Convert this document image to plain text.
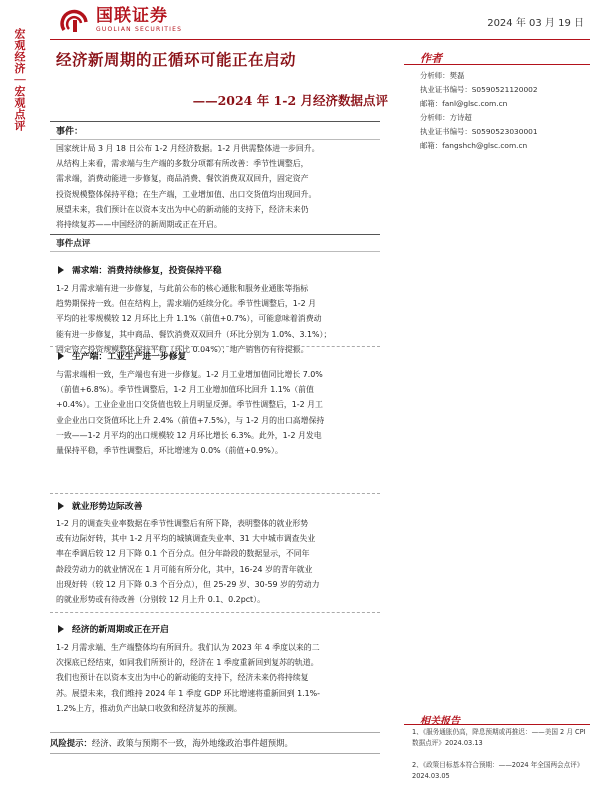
宏观经济｜宏观点评
国联证券
GUOLIAN SECURITIES	2024 年 03 月 19 日
经济新周期的正循环可能正在启动
——2024 年 1-2 月经济数据点评
事件：
国家统计局 3 月 18 日公布 1-2 月经济数据。1-2 月供需整体进一步回升。
从结构上来看，需求端与生产端的多数分项都有所改善：季节性调整后，
需求端，消费动能进一步修复，商品消费、餐饮消费双双回升，固定资产
投资规模整体保持平稳；在生产端，工业增加值、出口交货值均出现回升。
展望未来，我们预计在以资本支出为中心的新动能的支持下，经济未来仍
将持续复苏——中国经济的新周期或正在开启。
事件点评
需求端：消费持续修复，投资保持平稳
1-2 月需求端有进一步修复，与此前公布的核心通胀和服务业通胀等指标
趋势期保持一致。但在结构上，需求端仍延续分化。季节性调整后，1-2 月
平均的社零规模较 12 月环比上升 1.1%（前值+0.7%），可能意味着消费动
能有进一步修复，其中商品、餐饮消费双双回升（环比分别为 1.0%、3.1%）；
固定资产投资规模整体保持平稳（环比 0.04%）；地产销售仍有待提振。
生产端：工业生产进一步修复
与需求端相一致，生产端也有进一步修复。1-2 月工业增加值同比增长 7.0%
（前值+6.8%）。季节性调整后，1-2 月工业增加值环比回升 1.1%（前值
+0.4%）。工业企业出口交货值也较上月明显反弹。季节性调整后，1-2 月工
业企业出口交货值环比上升 2.4%（前值+7.5%），与 1-2 月的出口高增保持
一致——1-2 月平均的出口规模较 12 月环比增长 6.3%。此外，1-2 月发电
量保持平稳，季节性调整后，环比增速为 0.0%（前值+0.9%）。
就业形势边际改善
1-2 月的调查失业率数据在季节性调整后有所下降，表明整体的就业形势
或有边际好转，其中 1-2 月平均的城镇调查失业率、31 大中城市调查失业
率在季调后较 12 月下降 0.1 个百分点。但分年龄段的数据显示，不同年
龄段劳动力的就业情况在 1 月可能有所分化，其中，16-24 岁的青年就业
出现好转（较 12 月下降 0.3 个百分点），但 25-29 岁、30-59 岁的劳动力
的就业形势或有待改善（分别较 12 月上升 0.1、0.2pct）。
经济的新周期或正在开启
1-2 月需求端、生产端整体均有所回升。我们认为 2023 年 4 季度以来的二
次探底已经结束，如同我们所预计的，经济在 1 季度重新回到复苏的轨道。
我们也预计在以资本支出为中心的新动能的支持下，经济未来仍将持续复
苏。展望未来，我们维持 2024 年 1 季度 GDP 环比增速将重新回到 1.1%-
1.2%上方，推动负产出缺口收敛和经济复苏的预测。
风险提示：经济、政策与预期不一致，海外地缘政治事件超预期。
作者
分析师：樊磊
执业证书编号：S0590521120002
邮箱：fanl@glsc.com.cn
分析师：方诗超
执业证书编号：S0590523030001
邮箱：fangshch@glsc.com.cn
相关报告
1、《服务通胀仍高，降息预期或再推迟：——美国 2 月 CPI 数据点评》2024.03.13
2、《政策目标基本符合预期：——2024 年全国两会点评》2024.03.05
